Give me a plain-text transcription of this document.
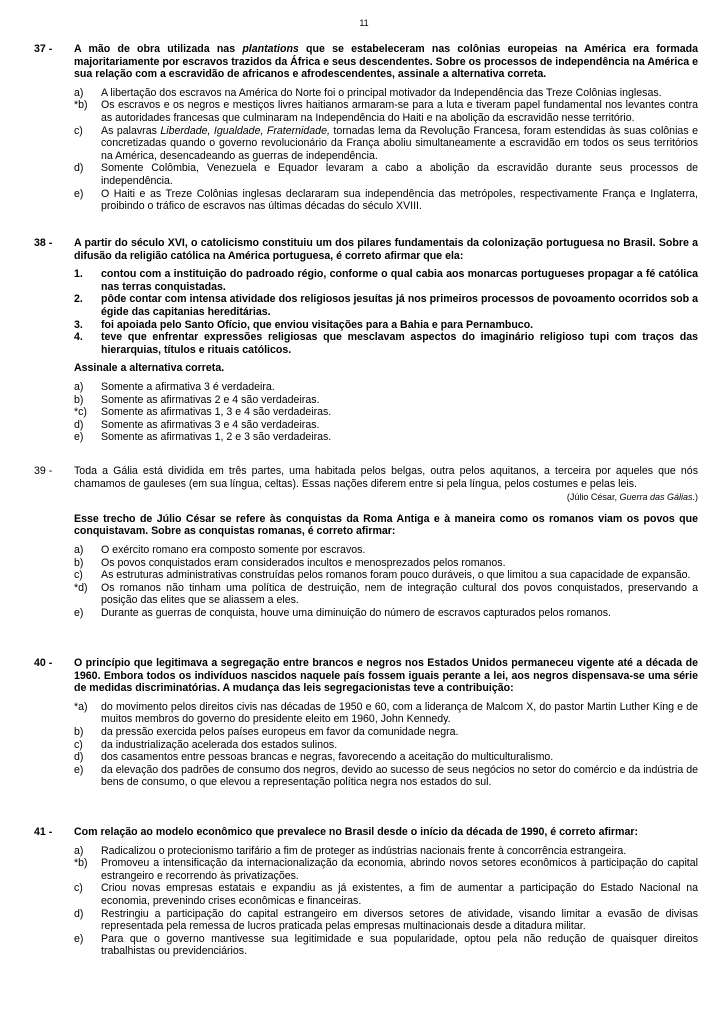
11
37 -	A mão de obra utilizada nas plantations que se estabeleceram nas colônias europeias na América era formada majoritariamente por escravos trazidos da África e seus descendentes. Sobre os processos de independência na América e sua relação com a escravidão de africanos e afrodescendentes, assinale a alternativa correta.
a)	A libertação dos escravos na América do Norte foi o principal motivador da Independência das Treze Colônias inglesas.
*b)	Os escravos e os negros e mestiços livres haitianos armaram-se para a luta e tiveram papel fundamental nos levantes contra as autoridades francesas que culminaram na Independência do Haiti e na abolição da escravidão nesse território.
c)	As palavras Liberdade, Igualdade, Fraternidade, tornadas lema da Revolução Francesa, foram estendidas às suas colônias e concretizadas quando o governo revolucionário da França aboliu simultaneamente a escravidão em todos os seus territórios na América, desencadeando as guerras de independência.
d)	Somente Colômbia, Venezuela e Equador levaram a cabo a abolição da escravidão durante seus processos de independência.
e)	O Haiti e as Treze Colônias inglesas declararam sua independência das metrópoles, respectivamente França e Inglaterra, proibindo o tráfico de escravos nas últimas décadas do século XVIII.
38 -	A partir do século XVI, o catolicismo constituiu um dos pilares fundamentais da colonização portuguesa no Brasil. Sobre a difusão da religião católica na América portuguesa, é correto afirmar que ela:
1.	contou com a instituição do padroado régio, conforme o qual cabia aos monarcas portugueses propagar a fé católica nas terras conquistadas.
2.	pôde contar com intensa atividade dos religiosos jesuítas já nos primeiros processos de povoamento ocorridos sob a égide das capitanias hereditárias.
3.	foi apoiada pelo Santo Ofício, que enviou visitações para a Bahia e para Pernambuco.
4.	teve que enfrentar expressões religiosas que mesclavam aspectos do imaginário religioso tupi com traços das hierarquias, títulos e rituais católicos.
Assinale a alternativa correta.
a)	Somente a afirmativa 3 é verdadeira.
b)	Somente as afirmativas 2 e 4 são verdadeiras.
*c)	Somente as afirmativas 1, 3 e 4 são verdadeiras.
d)	Somente as afirmativas 3 e 4 são verdadeiras.
e)	Somente as afirmativas 1, 2 e 3 são verdadeiras.
39 -	Toda a Gália está dividida em três partes, uma habitada pelos belgas, outra pelos aquitanos, a terceira por aqueles que nós chamamos de gauleses (em sua língua, celtas). Essas nações diferem entre si pela língua, pelos costumes e pelas leis.
(Júlio César, Guerra das Gálias.)
Esse trecho de Júlio César se refere às conquistas da Roma Antiga e à maneira como os romanos viam os povos que conquistavam. Sobre as conquistas romanas, é correto afirmar:
a)	O exército romano era composto somente por escravos.
b)	Os povos conquistados eram considerados incultos e menosprezados pelos romanos.
c)	As estruturas administrativas construídas pelos romanos foram pouco duráveis, o que limitou a sua capacidade de expansão.
*d)	Os romanos não tinham uma política de destruição, nem de integração cultural dos povos conquistados, preservando a posição das elites que se aliassem a eles.
e)	Durante as guerras de conquista, houve uma diminuição do número de escravos capturados pelos romanos.
40 -	O princípio que legitimava a segregação entre brancos e negros nos Estados Unidos permaneceu vigente até a década de 1960. Embora todos os indivíduos nascidos naquele país fossem iguais perante a lei, aos negros dispensava-se uma série de medidas discriminatórias. A mudança das leis segregacionistas teve a contribuição:
*a)	do movimento pelos direitos civis nas décadas de 1950 e 60, com a liderança de Malcom X, do pastor Martin Luther King e de muitos membros do governo do presidente eleito em 1960, John Kennedy.
b)	da pressão exercida pelos países europeus em favor da comunidade negra.
c)	da industrialização acelerada dos estados sulinos.
d)	dos casamentos entre pessoas brancas e negras, favorecendo a aceitação do multiculturalismo.
e)	da elevação dos padrões de consumo dos negros, devido ao sucesso de seus negócios no setor do comércio e da indústria de bens de consumo, o que elevou a representação política negra nos estados do sul.
41 -	Com relação ao modelo econômico que prevalece no Brasil desde o início da década de 1990, é correto afirmar:
a)	Radicalizou o protecionismo tarifário a fim de proteger as indústrias nacionais frente à concorrência estrangeira.
*b)	Promoveu a intensificação da internacionalização da economia, abrindo novos setores econômicos à participação do capital estrangeiro e recorrendo às privatizações.
c)	Criou novas empresas estatais e expandiu as já existentes, a fim de aumentar a participação do Estado Nacional na economia, prevenindo crises econômicas e financeiras.
d)	Restringiu a participação do capital estrangeiro em diversos setores de atividade, visando limitar a evasão de divisas representada pela remessa de lucros praticada pelas empresas multinacionais desde a ditadura militar.
e)	Para que o governo mantivesse sua legitimidade e sua popularidade, optou pela não redução de quaisquer direitos trabalhistas ou previdenciários.
